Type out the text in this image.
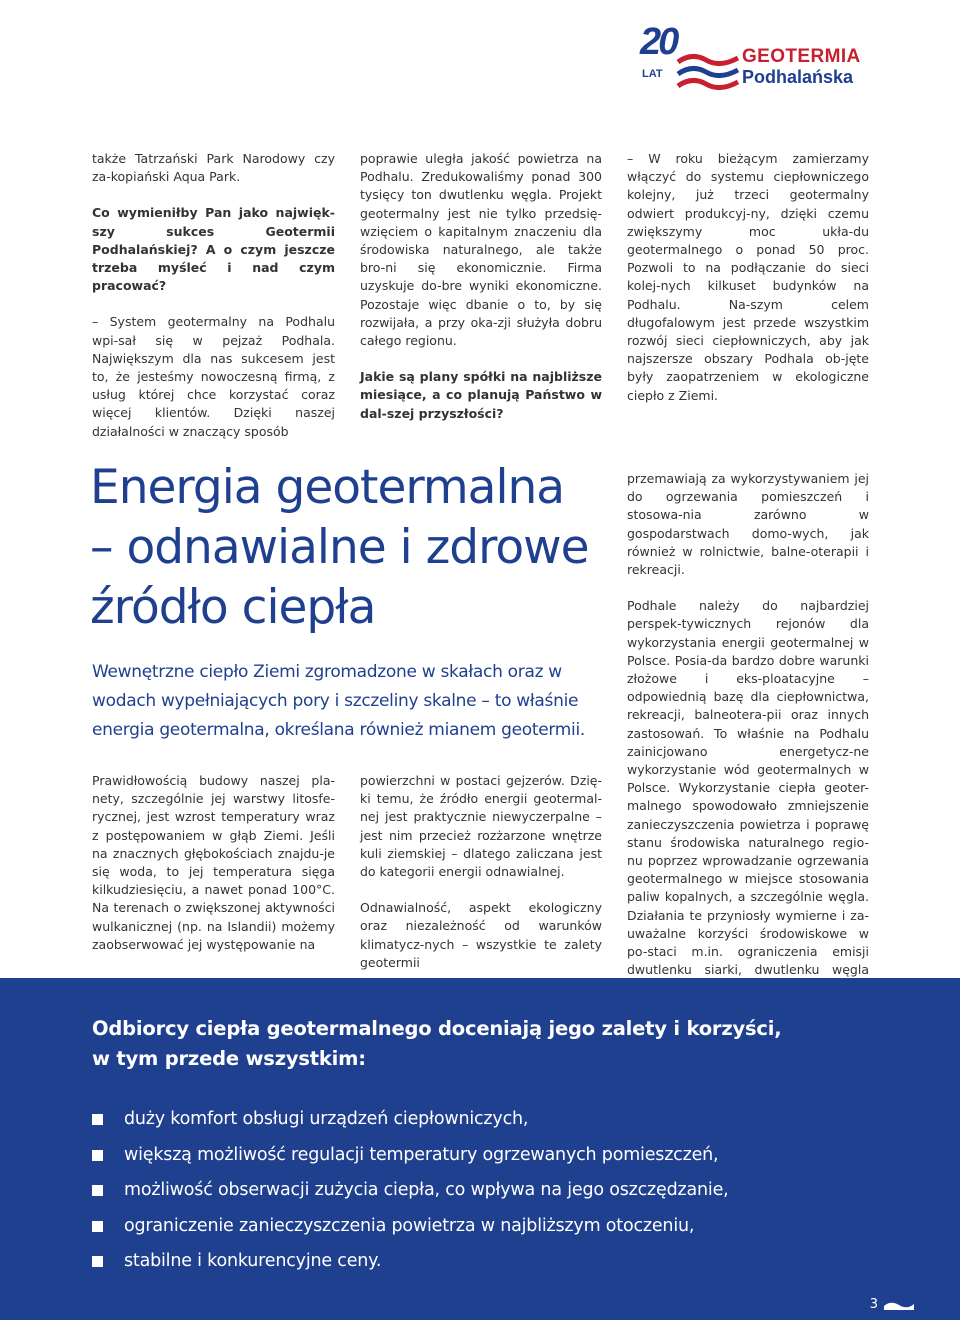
20
LAT
GEOTERMIA
Podhalańska

także Tatrzański Park Narodowy czy za-kopiański Aqua Park.

Co wymieniłby Pan jako najwięk-szy sukces Geotermii Podhalańskiej? A o czym jeszcze trzeba myśleć i nad czym pracować?

– System geotermalny na Podhalu wpi-sał się w pejzaż Podhala. Największym dla nas sukcesem jest to, że jesteśmy nowoczesną firmą, z usług której chce korzystać coraz więcej klientów. Dzięki naszej działalności w znaczący sposób

poprawie uległa jakość powietrza na Podhalu. Zredukowaliśmy ponad 300 tysięcy ton dwutlenku węgla. Projekt geotermalny jest nie tylko przedsię-wzięciem o kapitalnym znaczeniu dla środowiska naturalnego, ale także bro-ni się ekonomicznie. Firma uzyskuje do-bre wyniki ekonomiczne. Pozostaje więc dbanie o to, by się rozwijała, a przy oka-zji służyła dobru całego regionu.

Jakie są plany spółki na najbliższe miesiące, a co planują Państwo w dal-szej przyszłości?

– W roku bieżącym zamierzamy włączyć do systemu ciepłowniczego kolejny, już trzeci geotermalny odwiert produkcyj-ny, dzięki czemu zwiększymy moc ukła-du geotermalnego o ponad 50 proc. Pozwoli to na podłączanie do sieci kolej-nych kilkuset budynków na Podhalu. Na-szym celem długofalowym jest przede wszystkim rozwój sieci ciepłowniczych, aby jak najszersze obszary Podhala ob-jęte były zaopatrzeniem w ekologiczne ciepło z Ziemi.

Energia geotermalna
– odnawialne i zdrowe
źródło ciepła
Wewnętrzne ciepło Ziemi zgromadzone w skałach oraz w wodach wypełniających pory i szczeliny skalne – to właśnie energia geotermalna, określana również mianem geotermii.

Prawidłowością budowy naszej pla-nety, szczególnie jej warstwy litosfe-rycznej, jest wzrost temperatury wraz z postępowaniem w głąb Ziemi. Jeśli na znacznych głębokościach znajdu-je się woda, to jej temperatura sięga kilkudziesięciu, a nawet ponad 100°C. Na terenach o zwiększonej aktywności wulkanicznej (np. na Islandii) możemy zaobserwować jej występowanie na

powierzchni w postaci gejzerów. Dzię-ki temu, że źródło energii geotermal-nej jest praktycznie niewyczerpalne – jest nim przecież rozżarzone wnętrze kuli ziemskiej – dlatego zaliczana jest do kategorii energii odnawialnej.

Odnawialność, aspekt ekologiczny oraz niezależność od warunków klimatycz-nych – wszystkie te zalety geotermii

przemawiają za wykorzystywaniem jej do ogrzewania pomieszczeń i stosowa-nia zarówno w gospodarstwach domo-wych, jak również w rolnictwie, balne-oterapii i rekreacji.

Podhale należy do najbardziej perspek-tywicznych rejonów dla wykorzystania energii geotermalnej w Polsce. Posia-da bardzo dobre warunki złożowe i eks-ploatacyjne – odpowiednią bazę dla ciepłownictwa, rekreacji, balneotera-pii oraz innych zastosowań. To właśnie na Podhalu zainicjowano energetycz-ne wykorzystanie wód geotermalnych w Polsce. Wykorzystanie ciepła geoter-malnego spowodowało zmniejszenie zanieczyszczenia powietrza i poprawę stanu środowiska naturalnego regio-nu poprzez wprowadzanie ogrzewania geotermalnego w miejsce stosowania paliw kopalnych, a szczególnie węgla. Działania te przyniosły wymierne i za-uważalne korzyści środowiskowe w po-staci m.in. ograniczenia emisji dwutlenku siarki, dwutlenku węgla

Odbiorcy ciepła geotermalnego doceniają jego zalety i korzyści,
w tym przede wszystkim:
duży komfort obsługi urządzeń ciepłowniczych,
większą możliwość regulacji temperatury ogrzewanych pomieszczeń,
możliwość obserwacji zużycia ciepła, co wpływa na jego oszczędzanie,
ograniczenie zanieczyszczenia powietrza w najbliższym otoczeniu,
stabilne i konkurencyjne ceny.
3
